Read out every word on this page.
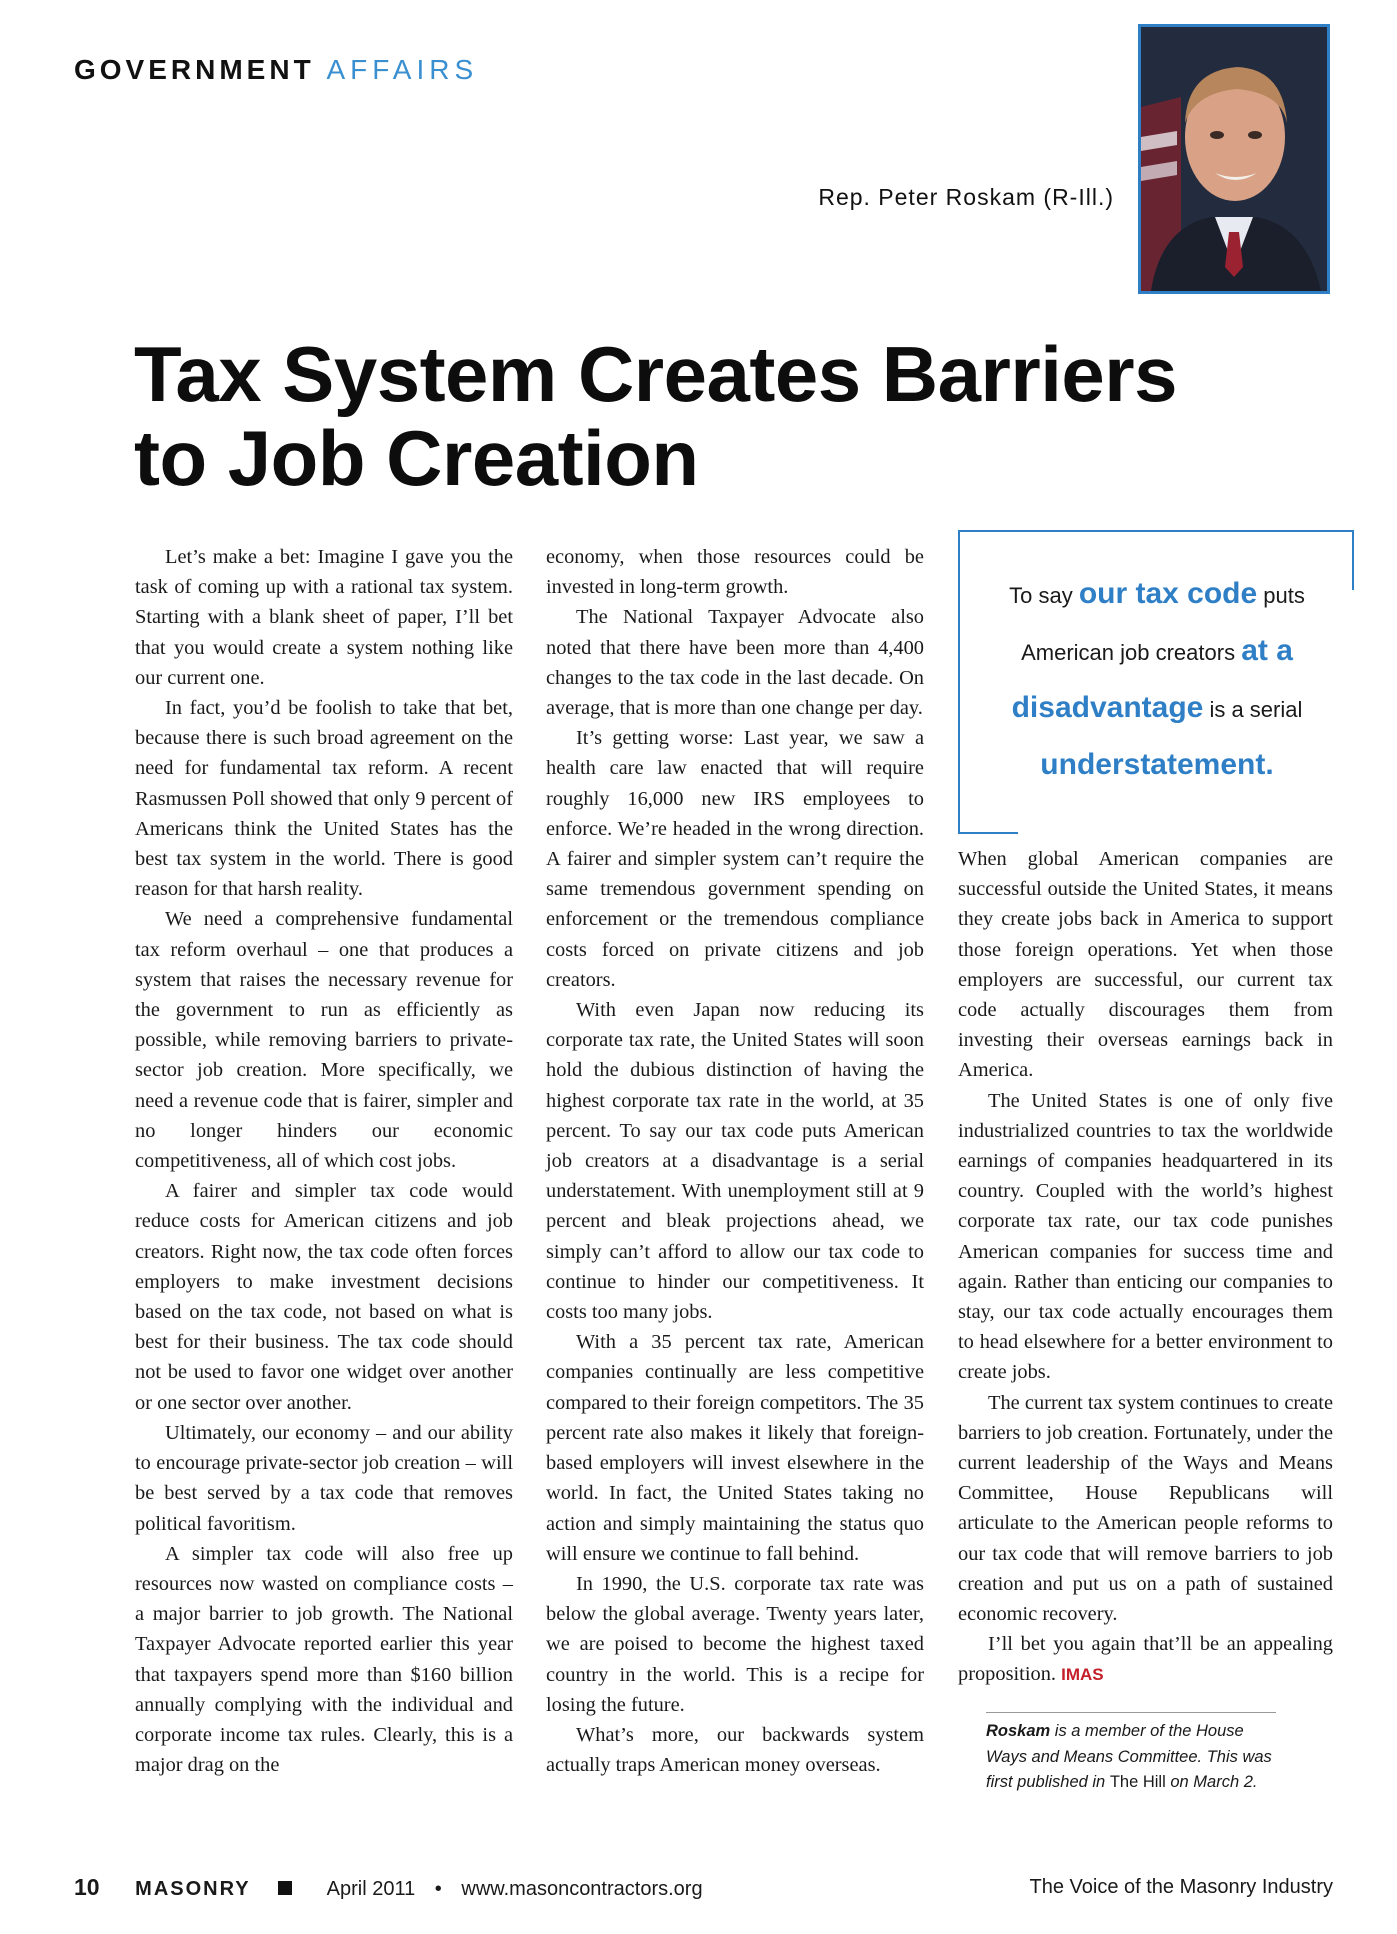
GOVERNMENT AFFAIRS
Rep. Peter Roskam (R-Ill.)
Tax System Creates Barriers
to Job Creation

Let’s make a bet: Imagine I gave you the task of coming up with a rational tax system. Starting with a blank sheet of paper, I’ll bet that you would create a system nothing like our current one.

In fact, you’d be foolish to take that bet, because there is such broad agreement on the need for fundamental tax reform. A recent Rasmussen Poll showed that only 9 percent of Americans think the United States has the best tax system in the world. There is good reason for that harsh reality.

We need a comprehensive fundamental tax reform overhaul – one that produces a system that raises the necessary revenue for the government to run as efficiently as possible, while removing barriers to private-sector job creation. More specifically, we need a revenue code that is fairer, simpler and no longer hinders our economic competitiveness, all of which cost jobs.

A fairer and simpler tax code would reduce costs for American citizens and job creators. Right now, the tax code often forces employers to make investment decisions based on the tax code, not based on what is best for their business. The tax code should not be used to favor one widget over another or one sector over another.

Ultimately, our economy – and our ability to encourage private-sector job creation – will be best served by a tax code that removes political favoritism.

A simpler tax code will also free up resources now wasted on compliance costs – a major barrier to job growth. The National Taxpayer Advocate reported earlier this year that taxpayers spend more than $160 billion annually complying with the individual and corporate income tax rules. Clearly, this is a major drag on the

economy, when those resources could be invested in long-term growth.

The National Taxpayer Advocate also noted that there have been more than 4,400 changes to the tax code in the last decade. On average, that is more than one change per day.

It’s getting worse: Last year, we saw a health care law enacted that will require roughly 16,000 new IRS employees to enforce. We’re headed in the wrong direction. A fairer and simpler system can’t require the same tremendous government spending on enforcement or the tremendous compliance costs forced on private citizens and job creators.

With even Japan now reducing its corporate tax rate, the United States will soon hold the dubious distinction of having the highest corporate tax rate in the world, at 35 percent. To say our tax code puts American job creators at a disadvantage is a serial understatement. With unemployment still at 9 percent and bleak projections ahead, we simply can’t afford to allow our tax code to continue to hinder our competitiveness. It costs too many jobs.

With a 35 percent tax rate, American companies continually are less competitive compared to their foreign competitors. The 35 percent rate also makes it likely that foreign-based employers will invest elsewhere in the world. In fact, the United States taking no action and simply maintaining the status quo will ensure we continue to fall behind.

In 1990, the U.S. corporate tax rate was below the global average. Twenty years later, we are poised to become the highest taxed country in the world. This is a recipe for losing the future.

What’s more, our backwards system actually traps American money overseas.

To say our tax code puts American job creators at a disadvantage is a serial understatement.

When global American companies are successful outside the United States, it means they create jobs back in America to support those foreign operations. Yet when those employers are successful, our current tax code actually discourages them from investing their overseas earnings back in America.

The United States is one of only five industrialized countries to tax the worldwide earnings of companies headquartered in its country. Coupled with the world’s highest corporate tax rate, our tax code punishes American companies for success time and again. Rather than enticing our companies to stay, our tax code actually encourages them to head elsewhere for a better environment to create jobs.

The current tax system continues to create barriers to job creation. Fortunately, under the current leadership of the Ways and Means Committee, House Republicans will articulate to the American people reforms to our tax code that will remove barriers to job creation and put us on a path of sustained economic recovery.

I’ll bet you again that’ll be an appealing proposition. IMAS

Roskam is a member of the House Ways and Means Committee. This was first published in The Hill on March 2.
10 MASONRY	April 2011 • www.masoncontractors.org	The Voice of the Masonry Industry
